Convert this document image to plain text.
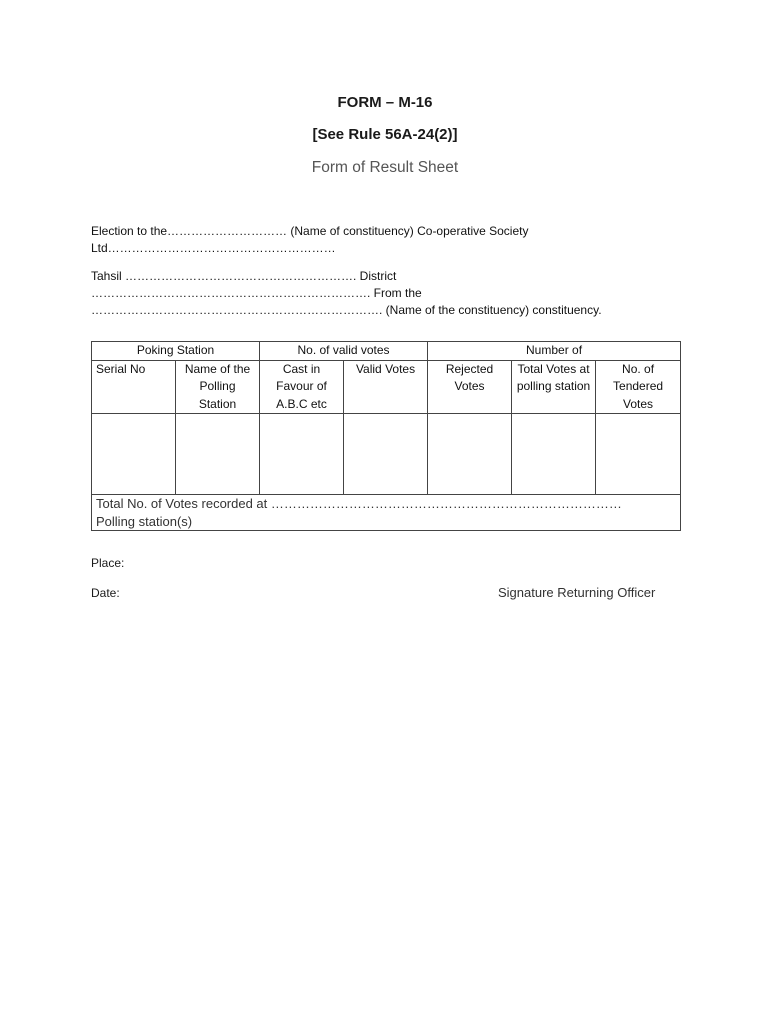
FORM – M-16
[See Rule 56A-24(2)]
Form of Result Sheet
Election to the………………………… (Name of constituency) Co-operative Society
Ltd…………………………………………………
Tahsil …………………………………………………. District ……………………………………………………………. From the
………………………………………………………………. (Name of the constituency) constituency.
Poking Station		No. of valid votes		Number of		
Serial No	Name of the Polling Station	Cast in Favour of A.B.C etc	Valid Votes	Rejected Votes	Total Votes at polling station	No. of Tendered Votes

Total No. of Votes recorded at ………………………………………………………………………
Polling station(s)						
Place:
Date:	Signature Returning Officer
